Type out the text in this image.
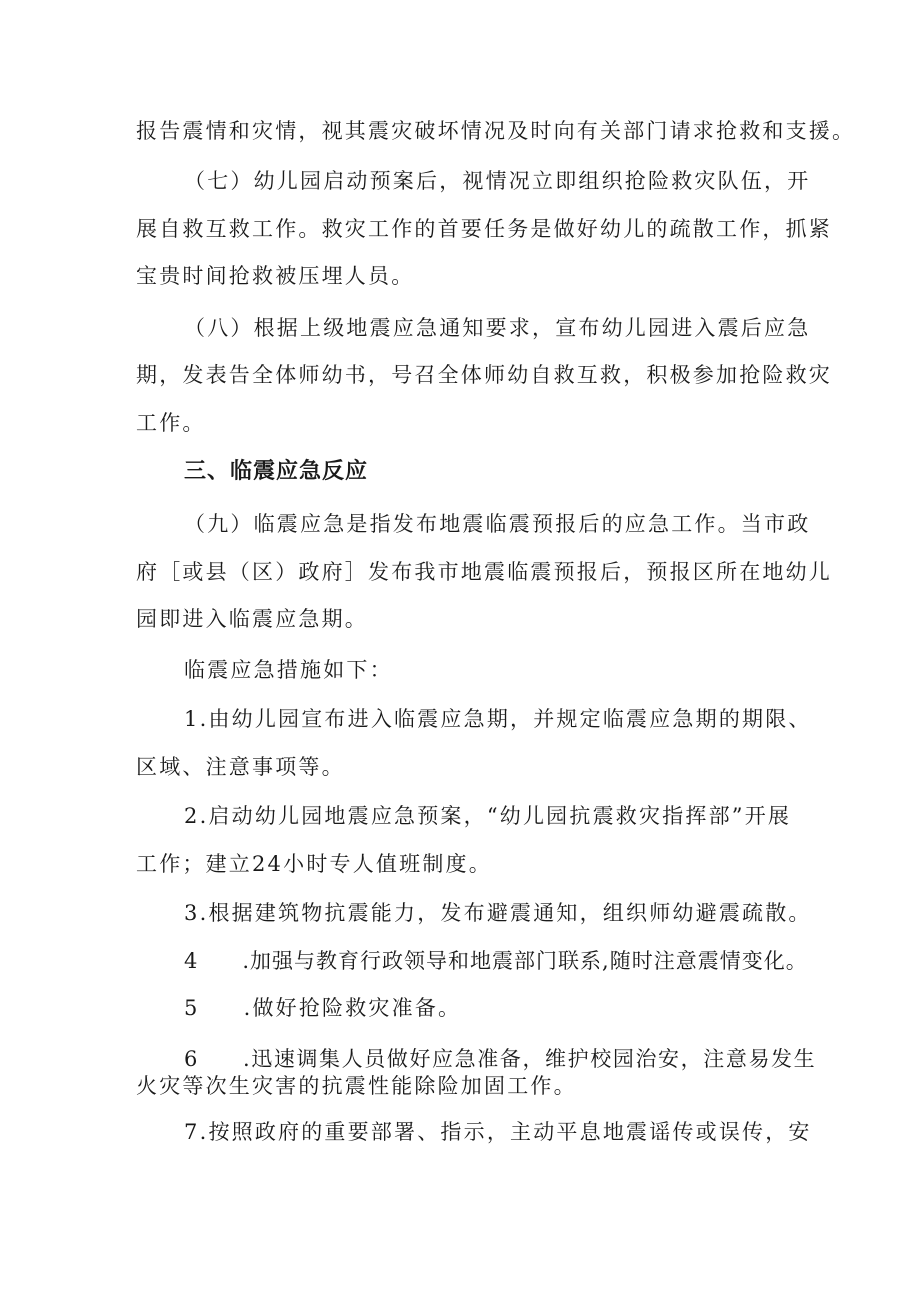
报告震情和灾情，视其震灾破坏情况及时向有关部门请求抢救和支援。
（七）幼儿园启动预案后，视情况立即组织抢险救灾队伍，开
展自救互救工作。救灾工作的首要任务是做好幼儿的疏散工作，抓紧
宝贵时间抢救被压埋人员。
（八）根据上级地震应急通知要求，宣布幼儿园进入震后应急
期，发表告全体师幼书，号召全体师幼自救互救，积极参加抢险救灾
工作。
三、临震应急反应
（九）临震应急是指发布地震临震预报后的应急工作。当市政
府［或县（区）政府］发布我市地震临震预报后，预报区所在地幼儿
园即进入临震应急期。
临震应急措施如下：
1.由幼儿园宣布进入临震应急期，并规定临震应急期的期限、
区域、注意事项等。
2.启动幼儿园地震应急预案，“幼儿园抗震救灾指挥部”开展
工作；建立24小时专人值班制度。
3.根据建筑物抗震能力，发布避震通知，组织师幼避震疏散。
4 .加强与教育行政领导和地震部门联系,随时注意震情变化。
5 .做好抢险救灾准备。
6 .迅速调集人员做好应急准备，维护校园治安，注意易发生
火灾等次生灾害的抗震性能除险加固工作。
7.按照政府的重要部署、指示，主动平息地震谣传或误传，安
